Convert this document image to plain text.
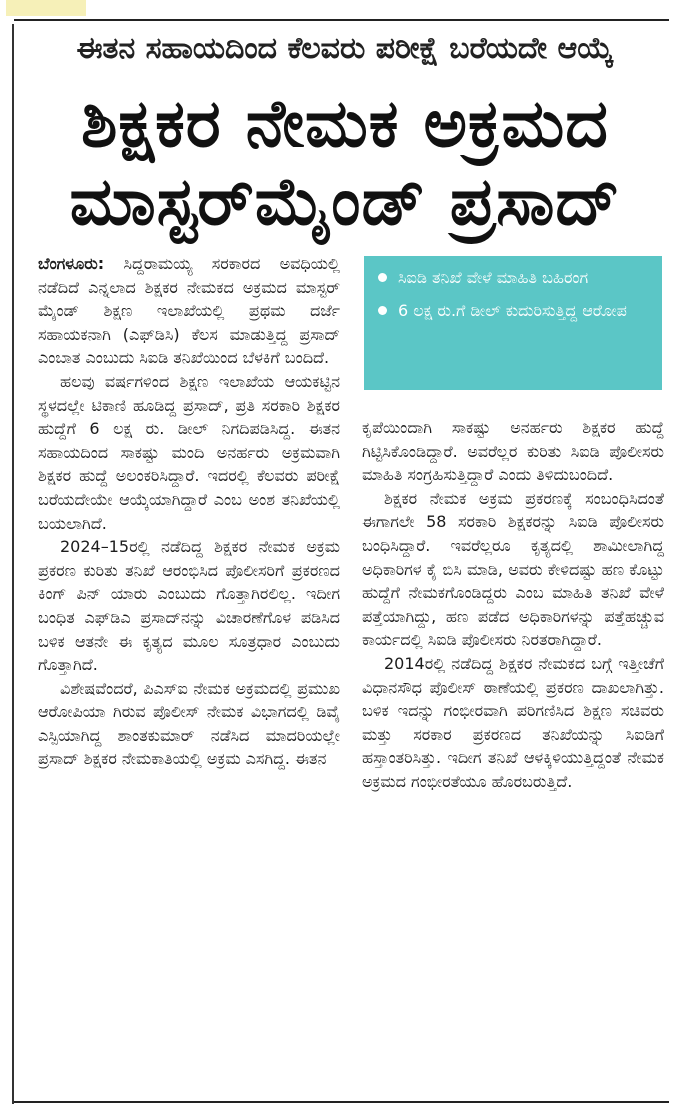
ಈತನ ಸಹಾಯದಿಂದ ಕೆಲವರು ಪರೀಕ್ಷೆ ಬರೆಯದೇ ಆಯ್ಕೆ
ಶಿಕ್ಷಕರ ನೇಮಕ ಅಕ್ರಮದ
ಮಾಸ್ಟರ್‌ಮೈಂಡ್ ಪ್ರಸಾದ್

ಬೆಂಗಳೂರು: ಸಿದ್ದರಾಮಯ್ಯ ಸರಕಾರದ ಅವಧಿಯಲ್ಲಿ ನಡೆದಿದೆ ಎನ್ನಲಾದ ಶಿಕ್ಷಕರ ನೇಮಕದ ಅಕ್ರಮದ ಮಾಸ್ಟರ್ ಮೈಂಡ್ ಶಿಕ್ಷಣ ಇಲಾಖೆಯಲ್ಲಿ ಪ್ರಥಮ ದರ್ಜೆ ಸಹಾಯಕನಾಗಿ (ಎಫ್‌ಡಿಸಿ) ಕೆಲಸ ಮಾಡುತ್ತಿದ್ದ ಪ್ರಸಾದ್ ಎಂಬಾತ ಎಂಬುದು ಸಿಐಡಿ ತನಿಖೆಯಿಂದ ಬೆಳಕಿಗೆ ಬಂದಿದೆ.

ಹಲವು ವರ್ಷಗಳಿಂದ ಶಿಕ್ಷಣ ಇಲಾಖೆಯ ಆಯಕಟ್ಟಿನ ಸ್ಥಳದಲ್ಲೇ ಟಿಕಾಣಿ ಹೂಡಿದ್ದ ಪ್ರಸಾದ್, ಪ್ರತಿ ಸರಕಾರಿ ಶಿಕ್ಷಕರ ಹುದ್ದೆಗೆ 6 ಲಕ್ಷ ರು. ಡೀಲ್ ನಿಗದಿಪಡಿಸಿದ್ದ. ಈತನ ಸಹಾಯದಿಂದ ಸಾಕಷ್ಟು ಮಂದಿ ಅನರ್ಹರು ಅಕ್ರಮವಾಗಿ ಶಿಕ್ಷಕರ ಹುದ್ದೆ ಅಲಂಕರಿಸಿದ್ದಾರೆ. ಇದರಲ್ಲಿ ಕೆಲವರು ಪರೀಕ್ಷೆ ಬರೆಯದೇಯೇ ಆಯ್ಕೆಯಾಗಿದ್ದಾರೆ ಎಂಬ ಅಂಶ ತನಿಖೆಯಲ್ಲಿ ಬಯಲಾಗಿದೆ.

2024–15ರಲ್ಲಿ ನಡೆದಿದ್ದ ಶಿಕ್ಷಕರ ನೇಮಕ ಅಕ್ರಮ ಪ್ರಕರಣ ಕುರಿತು ತನಿಖೆ ಆರಂಭಿಸಿದ ಪೊಲೀಸರಿಗೆ ಪ್ರಕರಣದ ಕಿಂಗ್ ಪಿನ್ ಯಾರು ಎಂಬುದು ಗೊತ್ತಾಗಿರಲಿಲ್ಲ. ಇದೀಗ ಬಂಧಿತ ಎಫ್‌ಡಿಎ ಪ್ರಸಾದ್‌ನನ್ನು ವಿಚಾರಣೆಗೊಳ ಪಡಿಸಿದ ಬಳಿಕ ಆತನೇ ಈ ಕೃತ್ಯದ ಮೂಲ ಸೂತ್ರಧಾರ ಎಂಬುದು ಗೊತ್ತಾಗಿದೆ.

ವಿಶೇಷವೆಂದರೆ, ಪಿಎಸ್‌ಐ ನೇಮಕ ಅಕ್ರಮದಲ್ಲಿ ಪ್ರಮುಖ ಆರೋಪಿಯಾ ಗಿರುವ ಪೊಲೀಸ್ ನೇಮಕ ವಿಭಾಗದಲ್ಲಿ ಡಿವೈ ಎಸ್ಪಿಯಾಗಿದ್ದ ಶಾಂತಕುಮಾರ್ ನಡೆಸಿದ ಮಾದರಿಯಲ್ಲೇ ಪ್ರಸಾದ್ ಶಿಕ್ಷಕರ ನೇಮಕಾತಿಯಲ್ಲಿ ಅಕ್ರಮ ಎಸಗಿದ್ದ. ಈತನ

ಸಿಐಡಿ ತನಿಖೆ ವೇಳೆ ಮಾಹಿತಿ ಬಹಿರಂಗ
6 ಲಕ್ಷ ರು.ಗೆ ಡೀಲ್ ಕುದುರಿಸುತ್ತಿದ್ದ ಆರೋಪ

ಕೃಪೆಯಿಂದಾಗಿ ಸಾಕಷ್ಟು ಅನರ್ಹರು ಶಿಕ್ಷಕರ ಹುದ್ದೆ ಗಿಟ್ಟಿಸಿಕೊಂಡಿದ್ದಾರೆ. ಅವರೆಲ್ಲರ ಕುರಿತು ಸಿಐಡಿ ಪೊಲೀಸರು ಮಾಹಿತಿ ಸಂಗ್ರಹಿಸುತ್ತಿದ್ದಾರೆ ಎಂದು ತಿಳಿದುಬಂದಿದೆ.

ಶಿಕ್ಷಕರ ನೇಮಕ ಅಕ್ರಮ ಪ್ರಕರಣಕ್ಕೆ ಸಂಬಂಧಿಸಿದಂತೆ ಈಗಾಗಲೇ 58 ಸರಕಾರಿ ಶಿಕ್ಷಕರನ್ನು ಸಿಐಡಿ ಪೊಲೀಸರು ಬಂಧಿಸಿದ್ದಾರೆ. ಇವರೆಲ್ಲರೂ ಕೃತ್ಯದಲ್ಲಿ ಶಾಮೀಲಾಗಿದ್ದ ಅಧಿಕಾರಿಗಳ ಕೈ ಬಿಸಿ ಮಾಡಿ, ಅವರು ಕೇಳಿದಷ್ಟು ಹಣ ಕೊಟ್ಟು ಹುದ್ದೆಗೆ ನೇಮಕಗೊಂಡಿದ್ದರು ಎಂಬ ಮಾಹಿತಿ ತನಿಖೆ ವೇಳೆ ಪತ್ತೆಯಾಗಿದ್ದು, ಹಣ ಪಡೆದ ಅಧಿಕಾರಿಗಳನ್ನು ಪತ್ತೆಹಚ್ಚುವ ಕಾರ್ಯದಲ್ಲಿ ಸಿಐಡಿ ಪೊಲೀಸರು ನಿರತರಾಗಿದ್ದಾರೆ.

2014ರಲ್ಲಿ ನಡೆದಿದ್ದ ಶಿಕ್ಷಕರ ನೇಮಕದ ಬಗ್ಗೆ ಇತ್ತೀಚೆಗೆ ವಿಧಾನಸೌಧ ಪೊಲೀಸ್ ಠಾಣೆಯಲ್ಲಿ ಪ್ರಕರಣ ದಾಖಲಾಗಿತ್ತು. ಬಳಿಕ ಇದನ್ನು ಗಂಭೀರವಾಗಿ ಪರಿಗಣಿಸಿದ ಶಿಕ್ಷಣ ಸಚಿವರು ಮತ್ತು ಸರಕಾರ ಪ್ರಕರಣದ ತನಿಖೆಯನ್ನು ಸಿಐಡಿಗೆ ಹಸ್ತಾಂತರಿಸಿತ್ತು. ಇದೀಗ ತನಿಖೆ ಆಳಕ್ಕಿಳಿಯುತ್ತಿದ್ದಂತೆ ನೇಮಕ ಅಕ್ರಮದ ಗಂಭೀರತೆಯೂ ಹೊರಬರುತ್ತಿದೆ.
